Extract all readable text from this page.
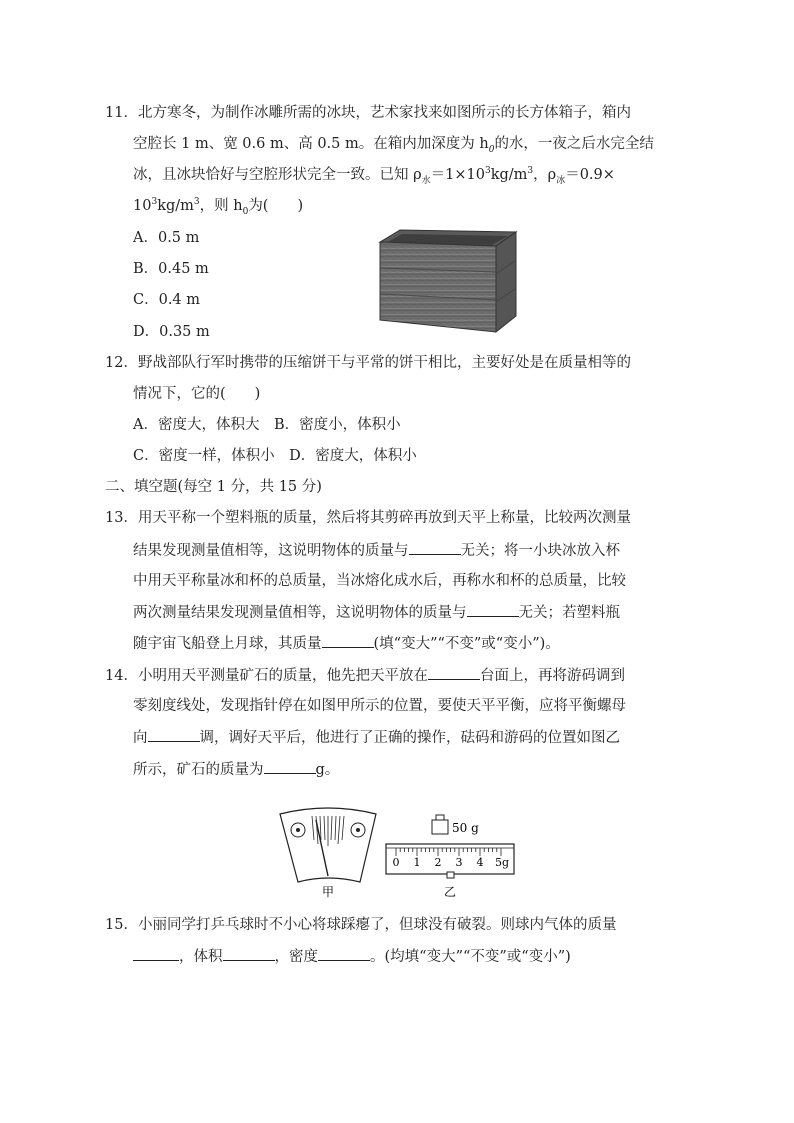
11．北方寒冬，为制作冰雕所需的冰块，艺术家找来如图所示的长方体箱子，箱内
空腔长 1 m、宽 0.6 m、高 0.5 m。在箱内加深度为 $h_0$的水，一夜之后水完全结
冰，且冰块恰好与空腔形状完全一致。已知 $\rho_水=1\times 10^3kg/m^3$，$\rho_冰=0.9\times$
$10^3kg/m^3$，则 $h_0$为(　　)
A．0.5 m
B．0.45 m
C．0.4 m
D．0.35 m
12．野战部队行军时携带的压缩饼干与平常的饼干相比，主要好处是在质量相等的
情况下，它的(　　)
A．密度大，体积大　B．密度小，体积小
C．密度一样，体积小　D．密度大，体积小
二、填空题(每空 1 分，共 15 分)
13．用天平称一个塑料瓶的质量，然后将其剪碎再放到天平上称量，比较两次测量
结果发现测量值相等，这说明物体的质量与	无关；将一小块冰放入杯
中用天平称量冰和杯的总质量，当冰熔化成水后，再称水和杯的总质量，比较
两次测量结果发现测量值相等，这说明物体的质量与	无关；若塑料瓶
随宇宙飞船登上月球，其质量	(填“变大”“不变”或“变小”)。
14．小明用天平测量矿石的质量，他先把天平放在	台面上，再将游码调到
零刻度线处，发现指针停在如图甲所示的位置，要使天平平衡，应将平衡螺母
向	调，调好天平后，他进行了正确的操作，砝码和游码的位置如图乙
所示，矿石的质量为	g。
甲
50 g
0 1 2 3 4 5g
乙
15．小丽同学打乒乓球时不小心将球踩瘪了，但球没有破裂。则球内气体的质量
，体积	，密度	。(均填“变大”“不变”或“变小”)
